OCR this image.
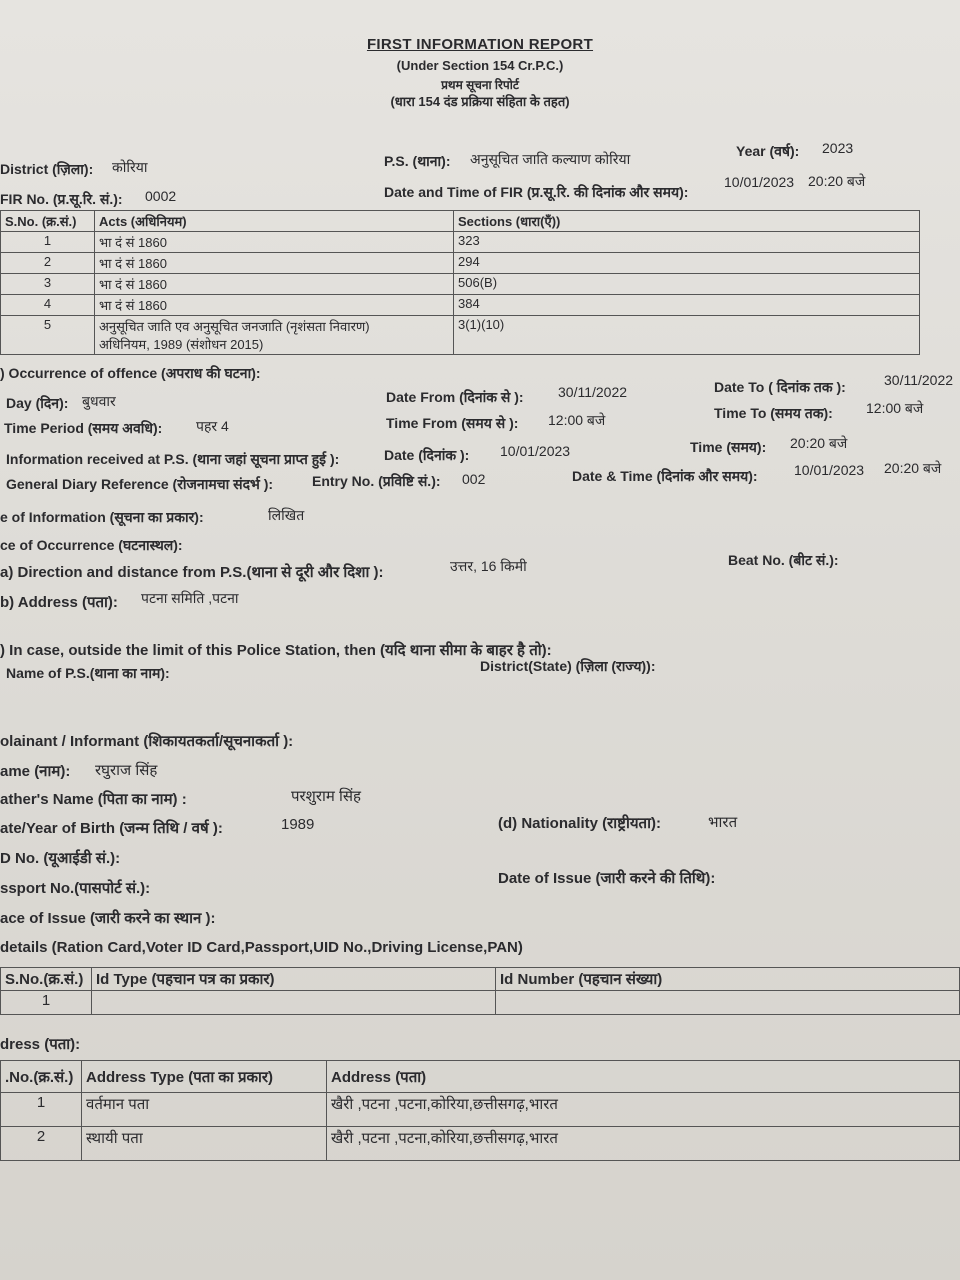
FIRST INFORMATION REPORT
(Under Section 154 Cr.P.C.)
प्रथम सूचना रिपोर्ट
(धारा 154 दंड प्रक्रिया संहिता के तहत)
District (ज़िला): कोरिया	P.S. (थाना): अनुसूचित जाति कल्याण कोरिया	Year (वर्ष): 2023
FIR No. (प्र.सू.रि. सं.): 0002	Date and Time of FIR (प्र.सू.रि. की दिनांक और समय):
10/01/2023 20:20 बजे
S.No. (क्र.सं.)	Acts (अधिनियम)	Sections (धारा(एँ))
1	भा दं सं 1860	323
2	भा दं सं 1860	294
3	भा दं सं 1860	506(B)
4	भा दं सं 1860	384
5	अनुसूचित जाति एव अनुसूचित जनजाति (नृशंसता निवारण)
अधिनियम, 1989 (संशोधन 2015)	3(1)(10)
) Occurrence of offence (अपराध की घटना):
Day (दिन): बुधवार	Date From (दिनांक से ): 30/11/2022	Date To ( दिनांक तक ):	30/11/2022
Time Period (समय अवधि): पहर 4	Time From (समय से ): 12:00 बजे	Time To (समय तक): 12:00 बजे
Information received at P.S. (थाना जहां सूचना प्राप्त हुई ):	Date (दिनांक ): 10/01/2023	Time (समय): 20:20 बजे
General Diary Reference (रोजनामचा संदर्भ ):	Entry No. (प्रविष्टि सं.): 002	Date & Time (दिनांक और समय):	10/01/2023 20:20 बजे
e of Information (सूचना का प्रकार):	लिखित
ce of Occurrence (घटनास्थल):
a) Direction and distance from P.S.(थाना से दूरी और दिशा ):	उत्तर, 16 किमी	Beat No. (बीट सं.):
b) Address (पता): पटना समिति ,पटना
) In case, outside the limit of this Police Station, then (यदि थाना सीमा के बाहर है तो):
Name of P.S.(थाना का नाम):	District(State) (ज़िला (राज्य)):
olainant / Informant (शिकायतकर्ता/सूचनाकर्ता ):
ame (नाम): रघुराज सिंह
ather's Name (पिता का नाम) :	परशुराम सिंह
ate/Year of Birth (जन्म तिथि / वर्ष ):	1989	(d) Nationality (राष्ट्रीयता):	भारत
D No. (यूआईडी सं.):
ssport No.(पासपोर्ट सं.):
Date of Issue (जारी करने की तिथि):
ace of Issue (जारी करने का स्थान ):
details (Ration Card,Voter ID Card,Passport,UID No.,Driving License,PAN)
S.No.(क्र.सं.)	Id Type (पहचान पत्र का प्रकार)	Id Number (पहचान संख्या)
1		
dress (पता):
.No.(क्र.सं.)	Address Type (पता का प्रकार)	Address (पता)
1	वर्तमान पता	खैरी ,पटना ,पटना,कोरिया,छत्तीसगढ़,भारत
2	स्थायी पता	खैरी ,पटना ,पटना,कोरिया,छत्तीसगढ़,भारत
